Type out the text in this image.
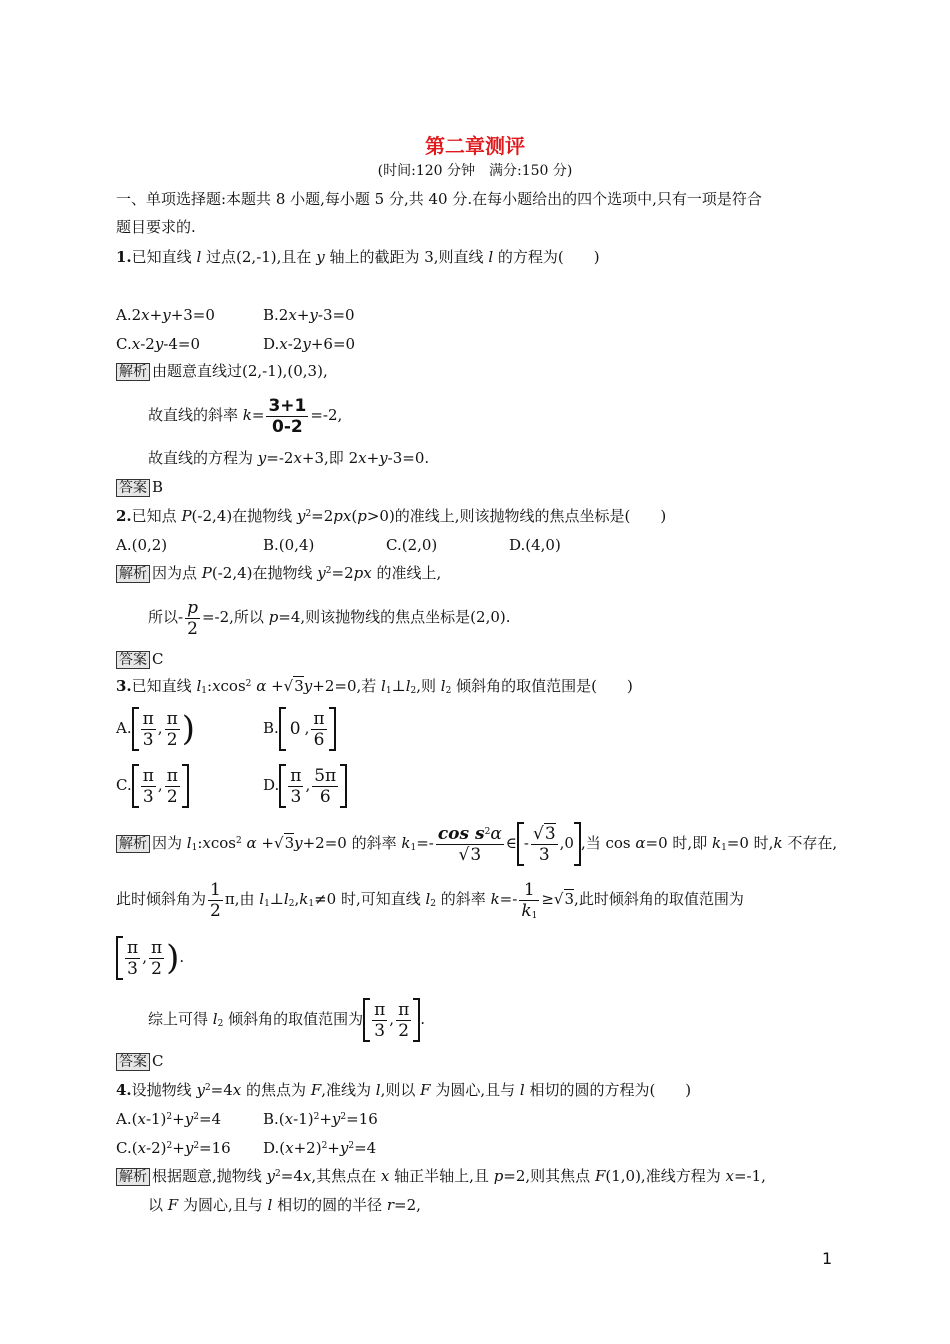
第二章测评
(时间:120 分钟　满分:150 分)
一、单项选择题:本题共 8 小题,每小题 5 分,共 40 分.在每小题给出的四个选项中,只有一项是符合
题目要求的.
1.已知直线 l 过点(2,-1),且在 y 轴上的截距为 3,则直线 l 的方程为(　　)
A.2x+y+3=0	B.2x+y-3=0
C.x-2y-4=0	D.x-2y+6=0
解析 由题意直线过(2,-1),(0,3),
故直线的斜率 $k= \frac{3+1}{0-2} =-2$,
故直线的方程为 y=-2x+3,即 2x+y-3=0.
答案 B
2.已知点 P(-2,4)在抛物线 $y^2=2px(p>0)$的准线上,则该抛物线的焦点坐标是(　　)
A.(0,2)	B.(0,4)	C.(2,0)	D.(4,0)
解析 因为点 P(-2,4)在抛物线 $y^2=2px$ 的准线上,
所以- $\frac{p}{2} =-2$,所以 p=4,则该抛物线的焦点坐标是(2,0).
答案 C
3.已知直线 $l_1:xcos^2$ α +√3y+2=0,若 $l_1\perp l_2$,则 $l_2$ 倾斜角的取值范围是(　　)
A. $\frac{\pi}{3}$ , $\frac{\pi}{2}$ )	B. 0 , $\frac{\pi}{6}$
C. $\frac{\pi}{3}$ , $\frac{\pi}{2}$	D. $\frac{\pi}{3}$ , $\frac{5\pi}{6}$
解析 因为 $l_1:xcos^2$ α +√3y+2=0 的斜率 $k_1=- \frac{\cos s^2\alpha}{√3}$ ∈ - $\frac{√3}{3} ,0$ ,当 cos α=0 时,即 $k_1=0$ 时,k 不存在,
此时倾斜角为 $\frac{1}{2} \pi$,由 $l_1\perp l_2,k_1\ne 0$ 时,可知直线 $l_2$ 的斜率 $k=- \frac{1}{k_1} \ge√3$,此时倾斜角的取值范围为
$\frac{\pi}{3}$ , $\frac{\pi}{2}$ ).
综上可得 $l_2$ 倾斜角的取值范围为 $\frac{\pi}{3}$ , $\frac{\pi}{2}$ .
答案 C
4.设抛物线 $y^2=4x$ 的焦点为 F,准线为 l,则以 F 为圆心,且与 l 相切的圆的方程为(　　)
$A.(x-1)^2+y^2=4$	$B.(x-1)^2+y^2=16$
$C.(x-2)^2+y^2=16$ $D.(x+2)^2+y^2=4$
解析 根据题意,抛物线 $y^2=4x$,其焦点在 x 轴正半轴上,且 p=2,则其焦点 F(1,0),准线方程为 x=-1,
以 F 为圆心,且与 l 相切的圆的半径 r=2,
1
